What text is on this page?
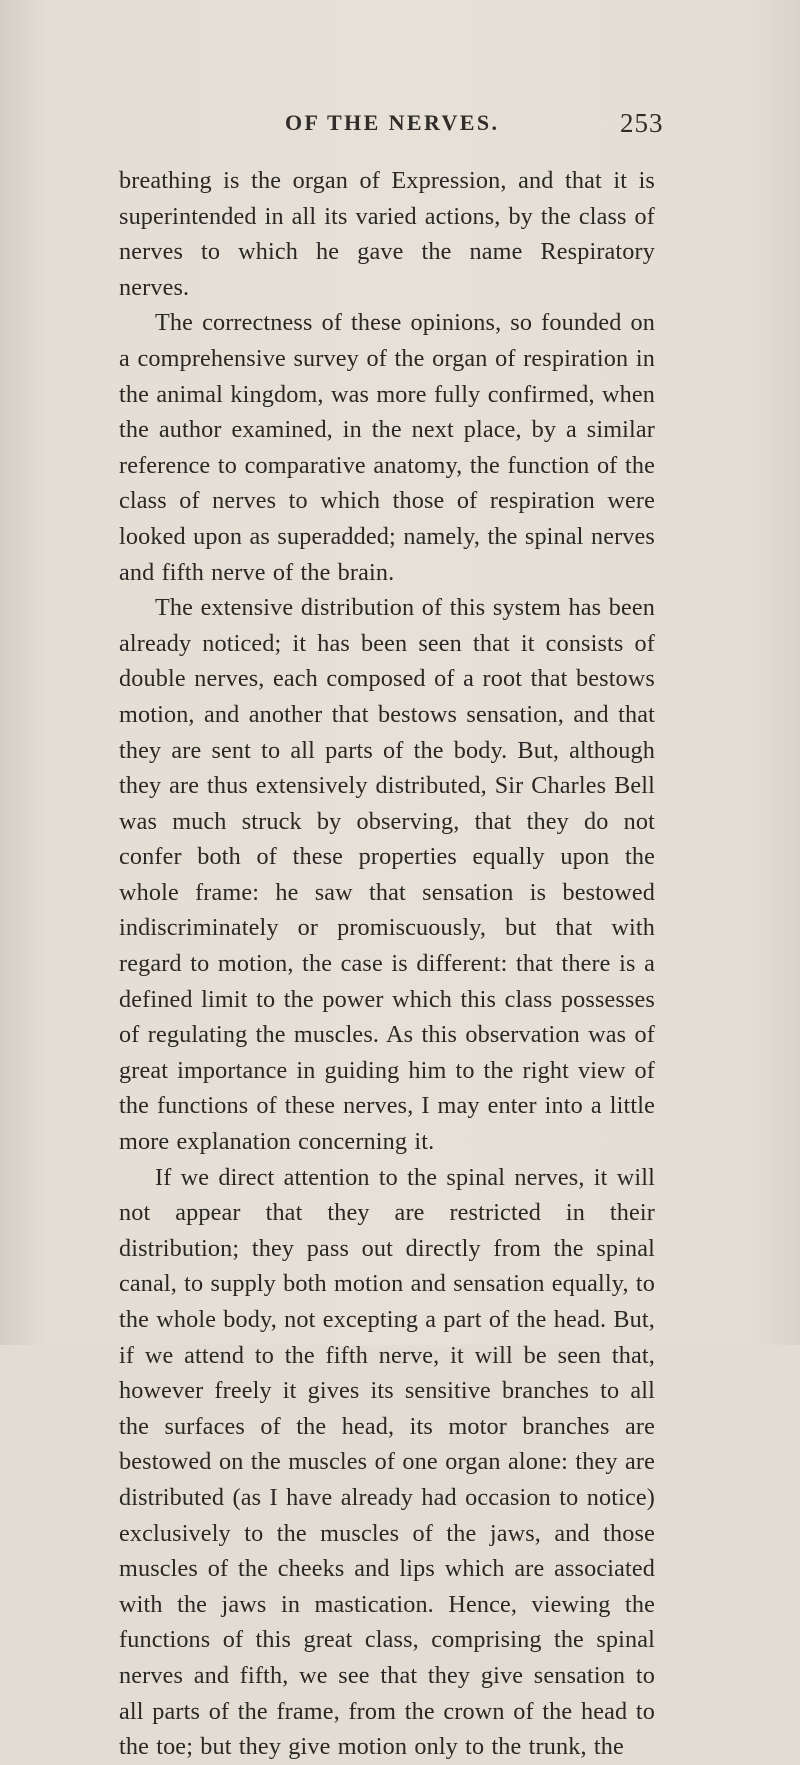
OF THE NERVES.	253

breathing is the organ of Expression, and that it is superintended in all its varied actions, by the class of nerves to which he gave the name Respiratory nerves.

The correctness of these opinions, so founded on a comprehensive survey of the organ of respiration in the animal kingdom, was more fully confirmed, when the author examined, in the next place, by a similar reference to comparative anatomy, the function of the class of nerves to which those of respiration were looked upon as superadded; namely, the spinal nerves and fifth nerve of the brain.

The extensive distribution of this system has been already noticed; it has been seen that it consists of double nerves, each composed of a root that bestows motion, and another that bestows sensation, and that they are sent to all parts of the body. But, although they are thus extensively distributed, Sir Charles Bell was much struck by observing, that they do not confer both of these properties equally upon the whole frame: he saw that sensation is bestowed indiscriminately or promiscuously, but that with regard to motion, the case is different: that there is a defined limit to the power which this class possesses of regulating the muscles. As this observation was of great importance in guiding him to the right view of the functions of these nerves, I may enter into a little more explanation concerning it.

If we direct attention to the spinal nerves, it will not appear that they are restricted in their distribution; they pass out directly from the spinal canal, to supply both motion and sensation equally, to the whole body, not excepting a part of the head. But, if we attend to the fifth nerve, it will be seen that, however freely it gives its sensitive branches to all the surfaces of the head, its motor branches are bestowed on the muscles of one organ alone: they are distributed (as I have already had occasion to notice) exclusively to the muscles of the jaws, and those muscles of the cheeks and lips which are associated with the jaws in mastication. Hence, viewing the functions of this great class, comprising the spinal nerves and fifth, we see that they give sensation to all parts of the frame, from the crown of the head to the toe; but they give motion only to the trunk, the
